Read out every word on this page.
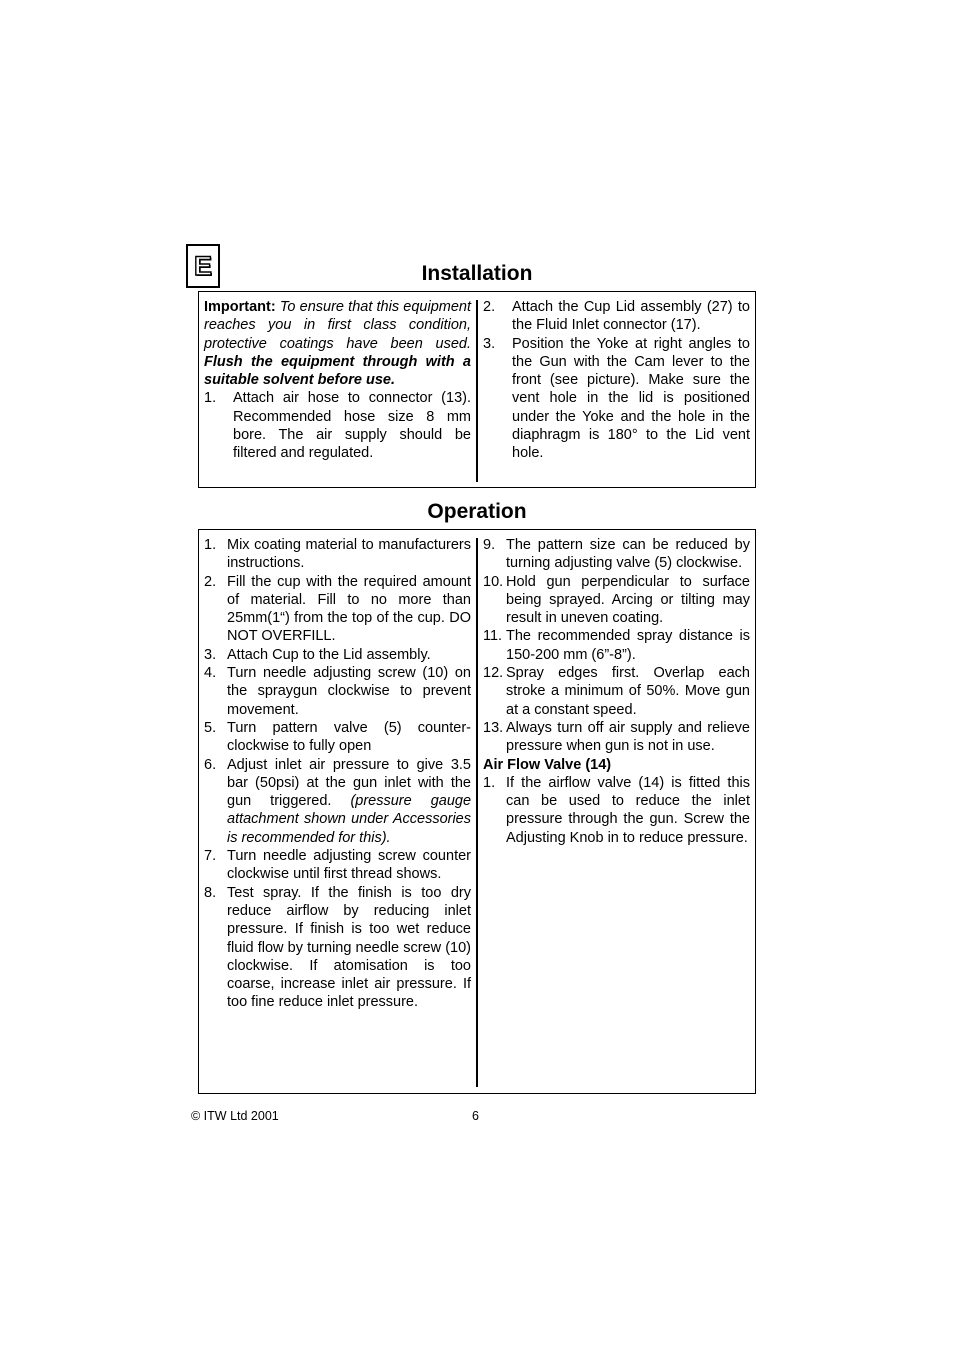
E	Installation
Important: To ensure that this equipment reaches you in first class condition, protective coatings have been used. Flush the equipment through with a suitable solvent before use.
1. Attach air hose to connector (13). Recommended hose size 8 mm bore. The air supply should be filtered and regulated.
2. Attach the Cup Lid assembly (27) to the Fluid Inlet connector (17).
3. Position the Yoke at right angles to the Gun with the Cam lever to the front (see picture). Make sure the vent hole in the lid is positioned under the Yoke and the hole in the diaphragm is 180° to the Lid vent hole.
Operation
1. Mix coating material to manufacturers instructions.
2. Fill the cup with the required amount of material. Fill to no more than 25mm(1“) from the top of the cup. DO NOT OVERFILL.
3. Attach Cup to the Lid assembly.
4. Turn needle adjusting screw (10) on the spraygun clockwise to prevent movement.
5. Turn pattern valve (5) counter-clockwise to fully open
6. Adjust inlet air pressure to give 3.5 bar (50psi) at the gun inlet with the gun triggered. (pressure gauge attachment shown under Accessories is recommended for this).
7. Turn needle adjusting screw counter clockwise until first thread shows.
8. Test spray. If the finish is too dry reduce airflow by reducing inlet pressure. If finish is too wet reduce fluid flow by turning needle screw (10) clockwise. If atomisation is too coarse, increase inlet air pressure. If too fine reduce inlet pressure.
9. The pattern size can be reduced by turning adjusting valve (5) clockwise.
10. Hold gun perpendicular to surface being sprayed. Arcing or tilting may result in uneven coating.
11. The recommended spray distance is 150-200 mm (6”-8”).
12. Spray edges first. Overlap each stroke a minimum of 50%. Move gun at a constant speed.
13. Always turn off air supply and relieve pressure when gun is not in use.
Air Flow Valve (14)
1. If the airflow valve (14) is fitted this can be used to reduce the inlet pressure through the gun. Screw the Adjusting Knob in to reduce pressure.
© ITW Ltd 2001	6
